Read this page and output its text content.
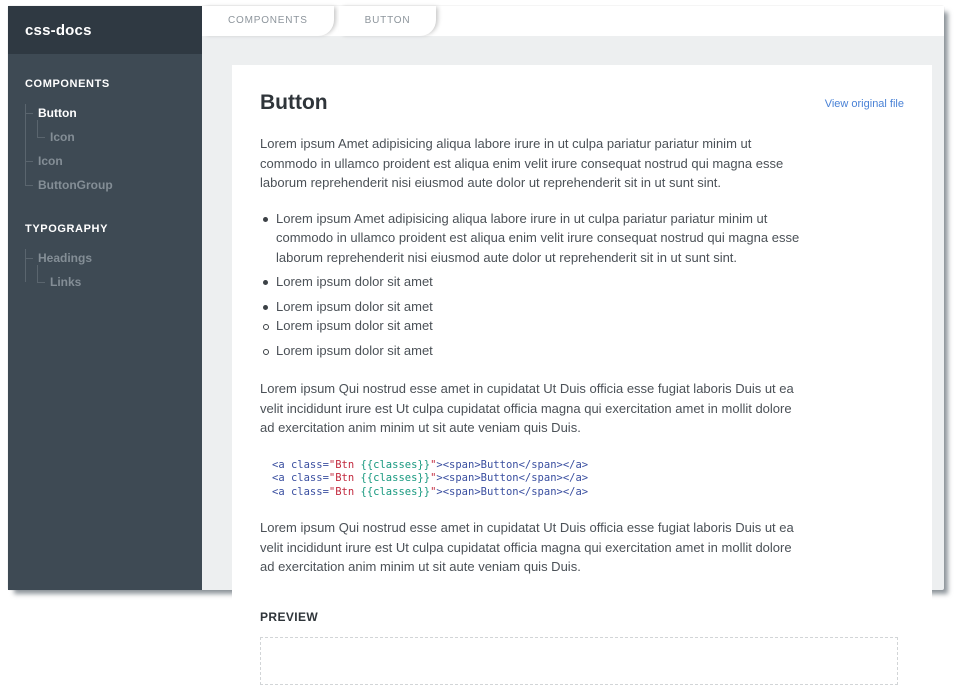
css-docs
COMPONENTS
Button
Icon
Icon
ButtonGroup
TYPOGRAPHY
Headings
Links
COMPONENTS	BUTTON
View original file
Button

Lorem ipsum Amet adipisicing aliqua labore irure in ut culpa pariatur pariatur minim ut commodo in ullamco proident est aliqua enim velit irure consequat nostrud qui magna esse laborum reprehenderit nisi eiusmod aute dolor ut reprehenderit sit in ut sunt sint.

Lorem ipsum Amet adipisicing aliqua labore irure in ut culpa pariatur pariatur minim ut commodo in ullamco proident est aliqua enim velit irure consequat nostrud qui magna esse laborum reprehenderit nisi eiusmod aute dolor ut reprehenderit sit in ut sunt sint.
Lorem ipsum dolor sit amet
Lorem ipsum dolor sit amet
Lorem ipsum dolor sit amet
Lorem ipsum dolor sit amet

Lorem ipsum Qui nostrud esse amet in cupidatat Ut Duis officia esse fugiat laboris Duis ut ea velit incididunt irure est Ut culpa cupidatat officia magna qui exercitation amet in mollit dolore ad exercitation anim minim ut sit aute veniam quis Duis.

<a class="Btn {{classes}}"><span>Button</span></a>
<a class="Btn {{classes}}"><span>Button</span></a>
<a class="Btn {{classes}}"><span>Button</span></a>

Lorem ipsum Qui nostrud esse amet in cupidatat Ut Duis officia esse fugiat laboris Duis ut ea velit incididunt irure est Ut culpa cupidatat officia magna qui exercitation amet in mollit dolore ad exercitation anim minim ut sit aute veniam quis Duis.

PREVIEW
